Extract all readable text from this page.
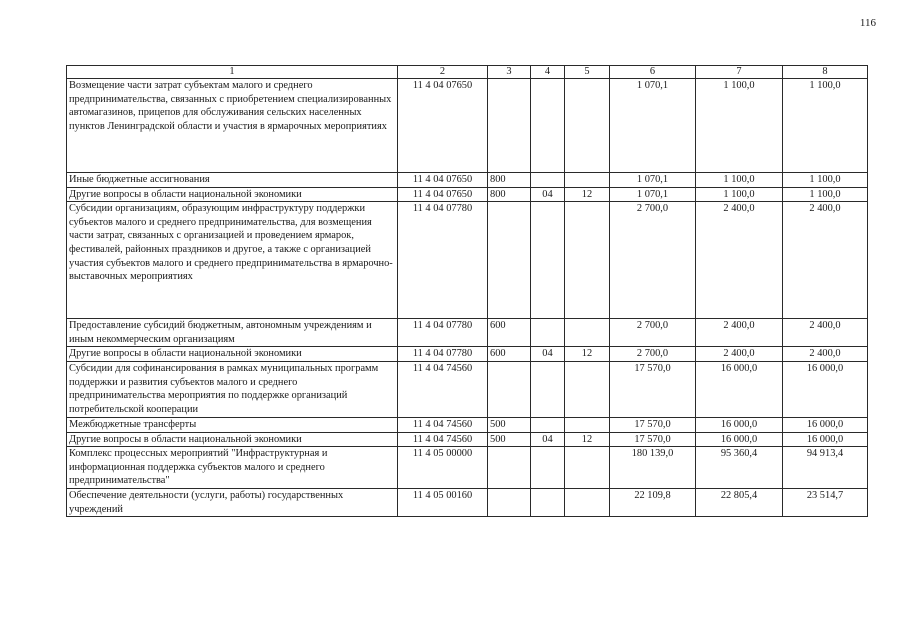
116
1	2	3	4	5	6	7	8
Возмещение части затрат субъектам малого и среднего предпринимательства, связанных с приобретением специализированных автомагазинов, прицепов для обслуживания сельских населенных пунктов Ленинградской области и участия в ярмарочных мероприятиях	11 4 04 07650				1 070,1	1 100,0	1 100,0
Иные бюджетные ассигнования	11 4 04 07650	800			1 070,1	1 100,0	1 100,0
Другие вопросы в области национальной экономики	11 4 04 07650	800	04	12	1 070,1	1 100,0	1 100,0
Субсидии организациям, образующим инфраструктуру поддержки субъектов малого и среднего предпринимательства, для возмещения части затрат, связанных с организацией и проведением ярмарок, фестивалей, районных праздников и другое, а также с организацией участия субъектов малого и среднего предпринимательства в ярмарочно-выставочных мероприятиях	11 4 04 07780				2 700,0	2 400,0	2 400,0
Предоставление субсидий бюджетным, автономным учреждениям и иным некоммерческим организациям	11 4 04 07780	600			2 700,0	2 400,0	2 400,0
Другие вопросы в области национальной экономики	11 4 04 07780	600	04	12	2 700,0	2 400,0	2 400,0
Субсидии для софинансирования в рамках муниципальных программ поддержки и развития субъектов малого и среднего предпринимательства мероприятия по поддержке организаций потребительской кооперации	11 4 04 74560				17 570,0	16 000,0	16 000,0
Межбюджетные трансферты	11 4 04 74560	500			17 570,0	16 000,0	16 000,0
Другие вопросы в области национальной экономики	11 4 04 74560	500	04	12	17 570,0	16 000,0	16 000,0
Комплекс процессных мероприятий "Инфраструктурная и информационная поддержка субъектов малого и среднего предпринимательства"	11 4 05 00000				180 139,0	95 360,4	94 913,4
Обеспечение деятельности (услуги, работы) государственных учреждений	11 4 05 00160				22 109,8	22 805,4	23 514,7
